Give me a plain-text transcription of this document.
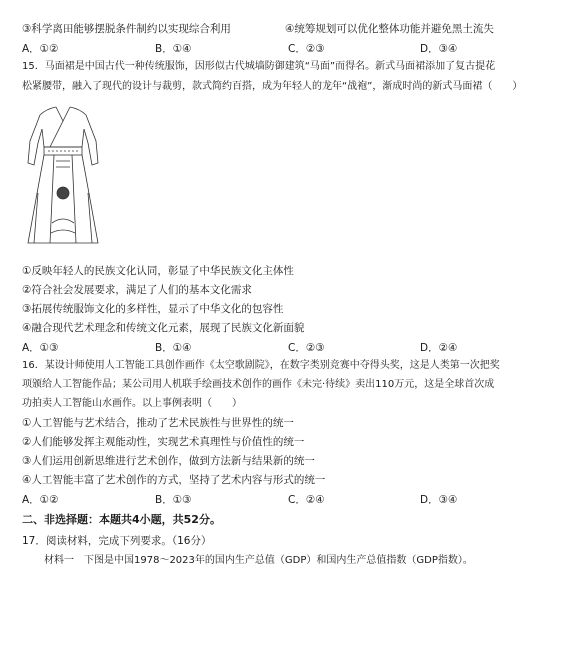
③科学离田能够摆脱条件制约以实现综合利用	④统筹规划可以优化整体功能并避免黑土流失
A．①②	B．①④	C．②③	D．③④
15．马面裙是中国古代一种传统服饰，因形似古代城墙防御建筑“马面”而得名。新式马面裙添加了复古提花
松紧腰带，融入了现代的设计与裁剪，款式简约百搭，成为年轻人的龙年“战袍”，渐成时尚的新式马面裙（　　）
①反映年轻人的民族文化认同，彰显了中华民族文化主体性
②符合社会发展要求，满足了人们的基本文化需求
③拓展传统服饰文化的多样性，显示了中华文化的包容性
④融合现代艺术理念和传统文化元素，展现了民族文化新面貌
A．①③	B．①④	C．②③	D．②④
16．某设计师使用人工智能工具创作画作《太空歌剧院》，在数字类别竞赛中夺得头奖，这是人类第一次把奖
项颁给人工智能作品；某公司用人机联手绘画技术创作的画作《未完·待续》卖出110万元，这是全球首次成
功拍卖人工智能山水画作。以上事例表明（　　）
①人工智能与艺术结合，推动了艺术民族性与世界性的统一
②人们能够发挥主观能动性，实现艺术真理性与价值性的统一
③人们运用创新思维进行艺术创作，做到方法新与结果新的统一
④人工智能丰富了艺术创作的方式，坚持了艺术内容与形式的统一
A．①②	B．①③	C．②④	D．③④
二、非选择题：本题共4小题，共52分。
17．阅读材料，完成下列要求。（16分）
材料一　下图是中国1978～2023年的国内生产总值（GDP）和国内生产总值指数（GDP指数）。
